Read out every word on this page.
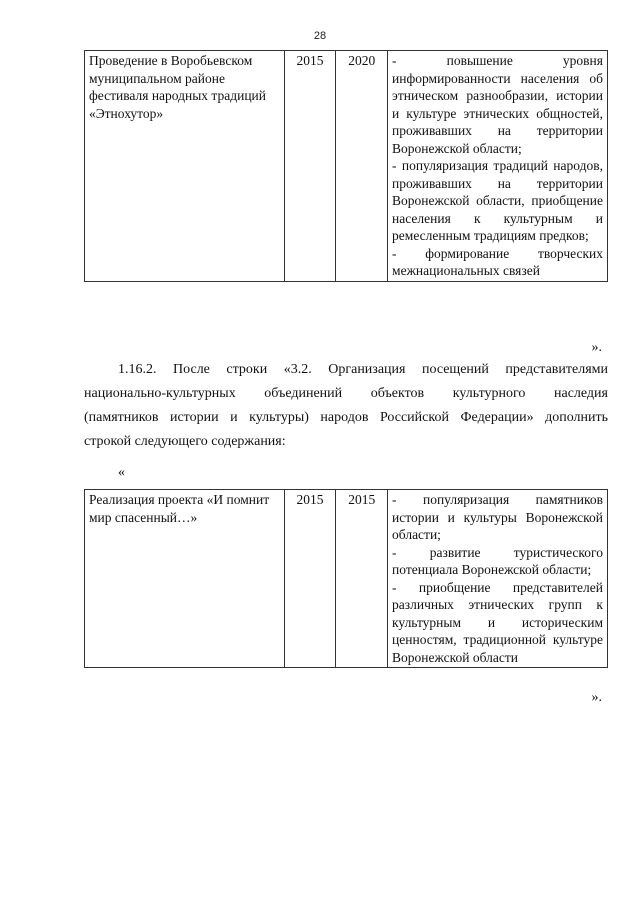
28
Проведение в Воробьевском муниципальном районе фестиваля народных традиций «Этнохутор»	2015	2020	- повышение уровня информированности населения об этническом разнообразии, истории и культуре этнических общностей, проживавших на территории Воронежской области;
- популяризация традиций народов, проживавших на территории Воронежской области, приобщение населения к культурным и ремесленным традициям предков;
- формирование творческих межнациональных связей
».
1.16.2. После строки «3.2. Организация посещений представителями
национально-культурных объединений объектов культурного наследия
(памятников истории и культуры) народов Российской Федерации» дополнить
строкой следующего содержания:
«
Реализация проекта «И помнит мир спасенный…»	2015	2015	- популяризация памятников истории и культуры Воронежской области;
- развитие туристического потенциала Воронежской области;
- приобщение представителей различных этнических групп к культурным и историческим ценностям, традиционной культуре Воронежской области
».
